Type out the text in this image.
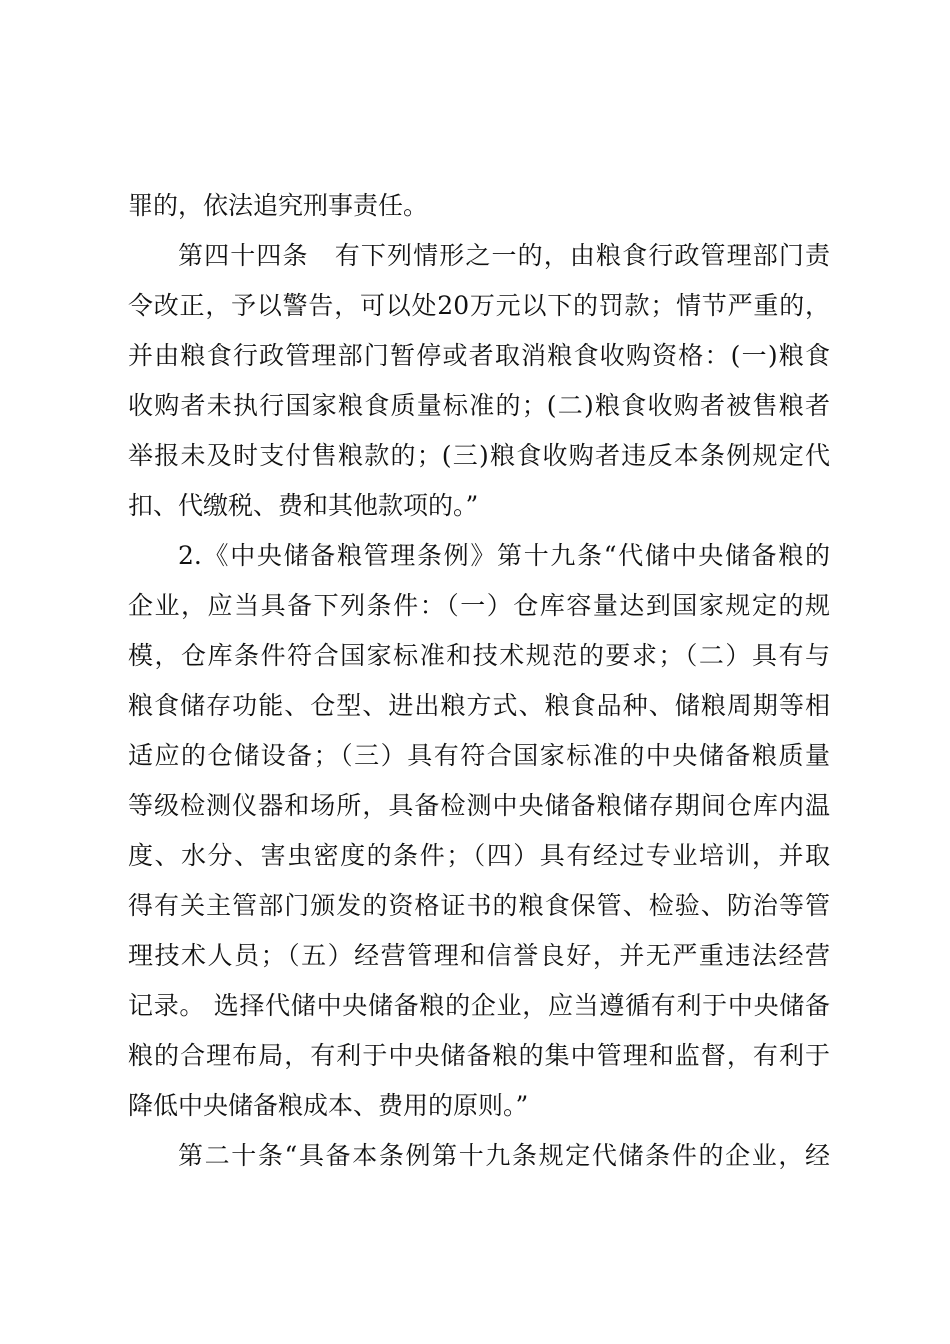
罪的，依法追究刑事责任。
第四十四条　有下列情形之一的，由粮食行政管理部门责
令改正，予以警告，可以处20万元以下的罚款；情节严重的，
并由粮食行政管理部门暂停或者取消粮食收购资格：(一)粮食
收购者未执行国家粮食质量标准的；(二)粮食收购者被售粮者
举报未及时支付售粮款的；(三)粮食收购者违反本条例规定代
扣、代缴税、费和其他款项的。”
2.《中央储备粮管理条例》第十九条“代储中央储备粮的
企业，应当具备下列条件：（一）仓库容量达到国家规定的规
模，仓库条件符合国家标准和技术规范的要求；（二）具有与
粮食储存功能、仓型、进出粮方式、粮食品种、储粮周期等相
适应的仓储设备；（三）具有符合国家标准的中央储备粮质量
等级检测仪器和场所，具备检测中央储备粮储存期间仓库内温
度、水分、害虫密度的条件；（四）具有经过专业培训，并取
得有关主管部门颁发的资格证书的粮食保管、检验、防治等管
理技术人员；（五）经营管理和信誉良好，并无严重违法经营
记录。 选择代储中央储备粮的企业，应当遵循有利于中央储备
粮的合理布局，有利于中央储备粮的集中管理和监督，有利于
降低中央储备粮成本、费用的原则。”
第二十条“具备本条例第十九条规定代储条件的企业，经
